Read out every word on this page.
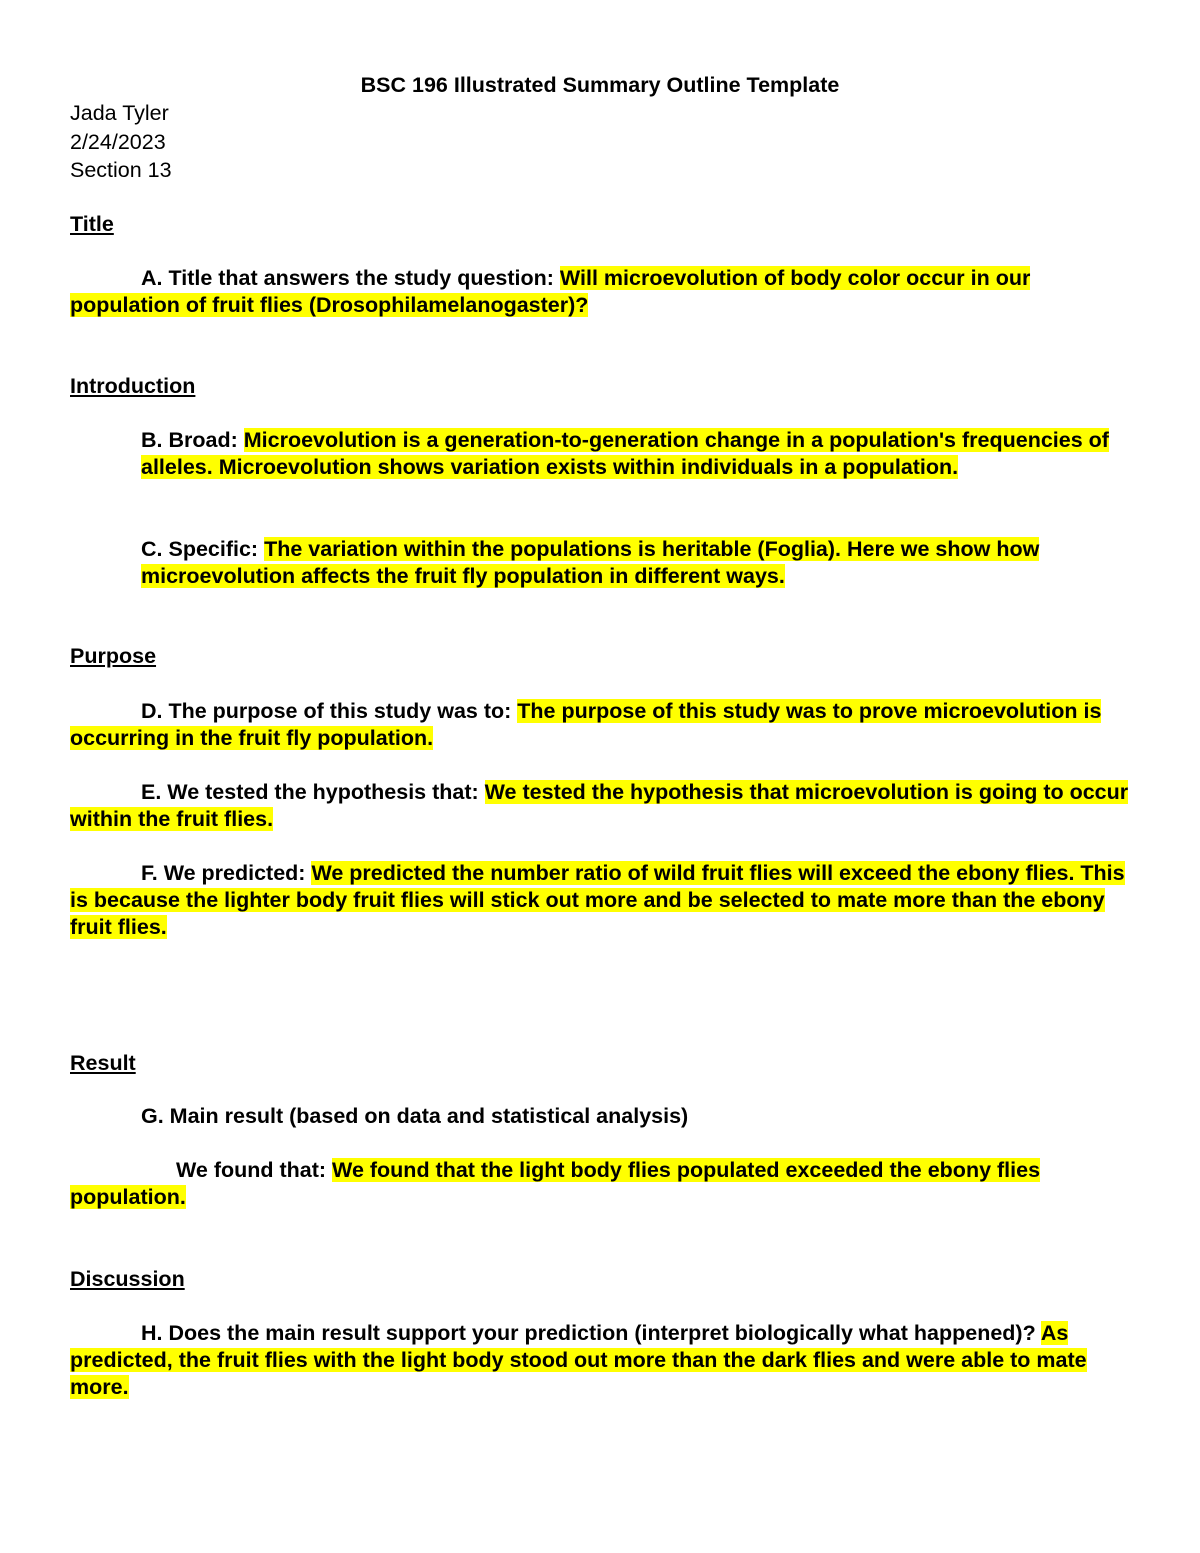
BSC 196 Illustrated Summary Outline Template
Jada Tyler
2/24/2023
Section 13
Title
A. Title that answers the study question: Will microevolution of body color occur in our population of fruit flies (Drosophilamelanogaster)?
Introduction
B. Broad: Microevolution is a generation-to-generation change in a population's frequencies of alleles. Microevolution shows variation exists within individuals in a population.
C. Specific: The variation within the populations is heritable (Foglia). Here we show how microevolution affects the fruit fly population in different ways.
Purpose
D. The purpose of this study was to: The purpose of this study was to prove microevolution is occurring in the fruit fly population.
E. We tested the hypothesis that: We tested the hypothesis that microevolution is going to occur within the fruit flies.
F. We predicted: We predicted the number ratio of wild fruit flies will exceed the ebony flies. This is because the lighter body fruit flies will stick out more and be selected to mate more than the ebony fruit flies.
Result
G. Main result (based on data and statistical analysis)
We found that: We found that the light body flies populated exceeded the ebony flies population.
Discussion
H. Does the main result support your prediction (interpret biologically what happened)? As predicted, the fruit flies with the light body stood out more than the dark flies and were able to mate more.
